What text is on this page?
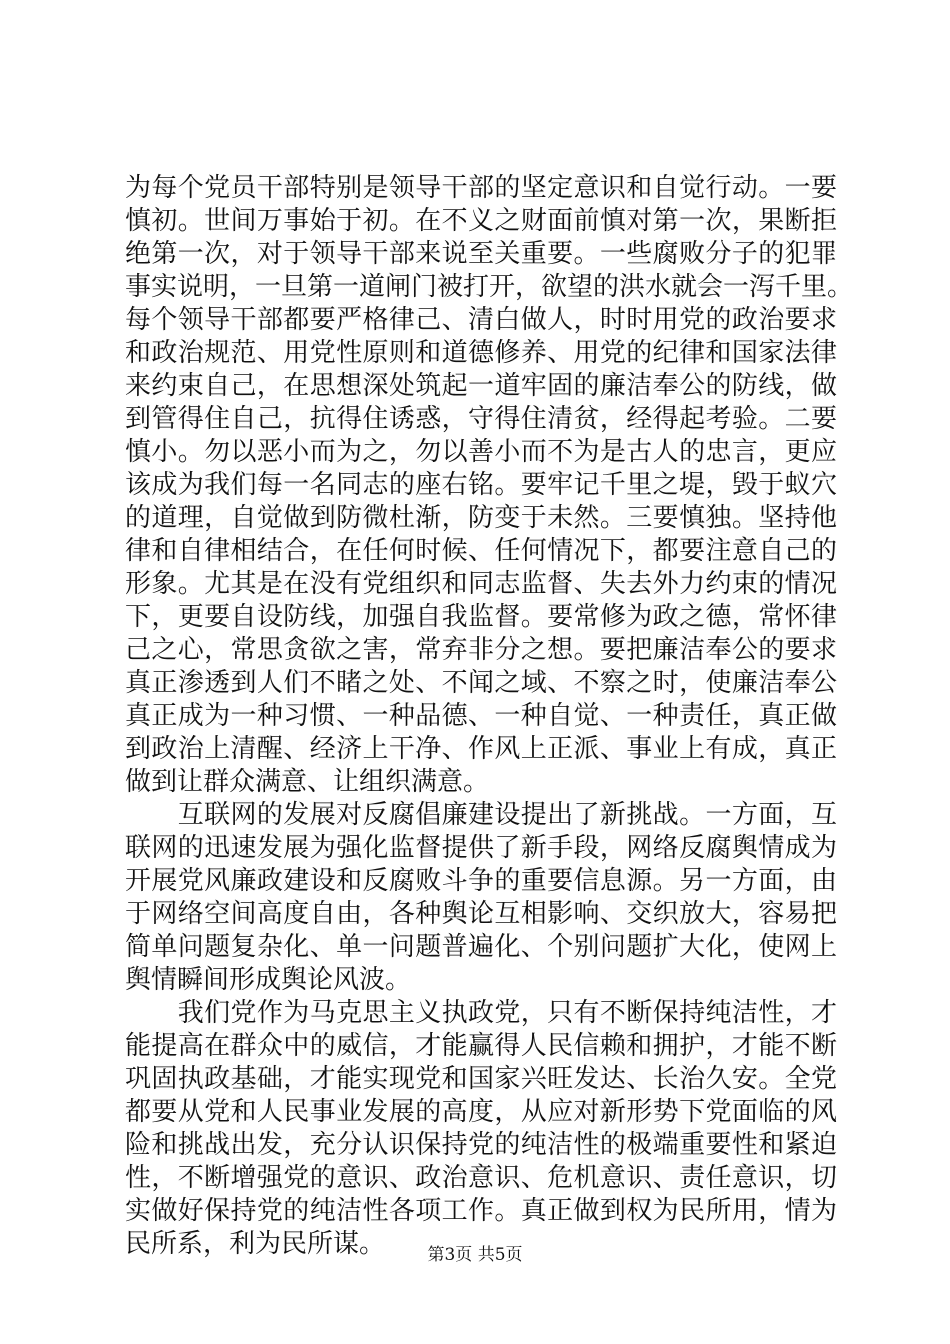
为每个党员干部特别是领导干部的坚定意识和自觉行动。一要
慎初。世间万事始于初。在不义之财面前慎对第一次，果断拒
绝第一次，对于领导干部来说至关重要。一些腐败分子的犯罪
事实说明，一旦第一道闸门被打开，欲望的洪水就会一泻千里。
每个领导干部都要严格律己、清白做人，时时用党的政治要求
和政治规范、用党性原则和道德修养、用党的纪律和国家法律
来约束自己，在思想深处筑起一道牢固的廉洁奉公的防线，做
到管得住自己，抗得住诱惑，守得住清贫，经得起考验。二要
慎小。勿以恶小而为之，勿以善小而不为是古人的忠言，更应
该成为我们每一名同志的座右铭。要牢记千里之堤，毁于蚁穴
的道理，自觉做到防微杜渐，防变于未然。三要慎独。坚持他
律和自律相结合，在任何时候、任何情况下，都要注意自己的
形象。尤其是在没有党组织和同志监督、失去外力约束的情况
下，更要自设防线，加强自我监督。要常修为政之德，常怀律
己之心，常思贪欲之害，常弃非分之想。要把廉洁奉公的要求
真正渗透到人们不睹之处、不闻之域、不察之时，使廉洁奉公
真正成为一种习惯、一种品德、一种自觉、一种责任，真正做
到政治上清醒、经济上干净、作风上正派、事业上有成，真正
做到让群众满意、让组织满意。
　　互联网的发展对反腐倡廉建设提出了新挑战。一方面，互
联网的迅速发展为强化监督提供了新手段，网络反腐舆情成为
开展党风廉政建设和反腐败斗争的重要信息源。另一方面，由
于网络空间高度自由，各种舆论互相影响、交织放大，容易把
简单问题复杂化、单一问题普遍化、个别问题扩大化，使网上
舆情瞬间形成舆论风波。
　　我们党作为马克思主义执政党，只有不断保持纯洁性，才
能提高在群众中的威信，才能赢得人民信赖和拥护，才能不断
巩固执政基础，才能实现党和国家兴旺发达、长治久安。全党
都要从党和人民事业发展的高度，从应对新形势下党面临的风
险和挑战出发，充分认识保持党的纯洁性的极端重要性和紧迫
性，不断增强党的意识、政治意识、危机意识、责任意识，切
实做好保持党的纯洁性各项工作。真正做到权为民所用，情为
民所系，利为民所谋。	第3页 共5页
